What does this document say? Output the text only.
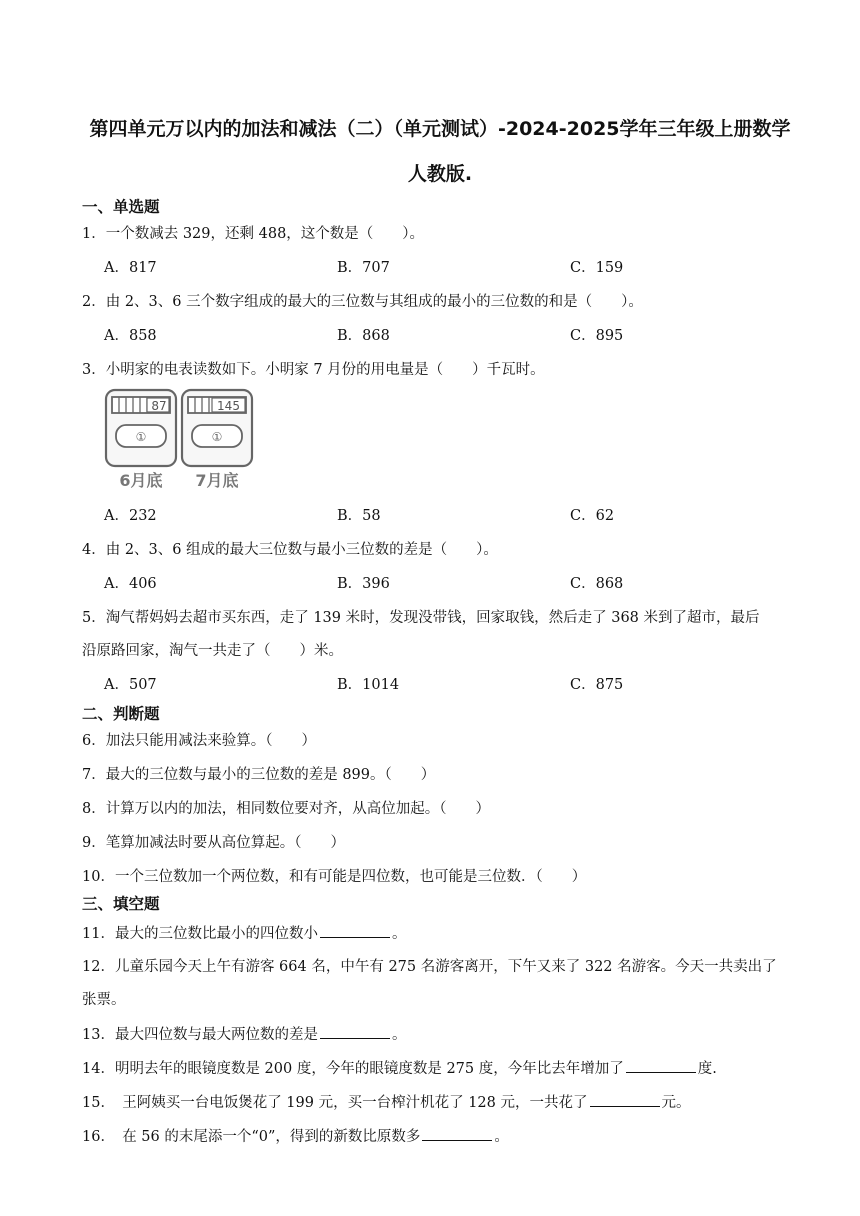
第四单元万以内的加法和减法（二）（单元测试）-2024-2025学年三年级上册数学
人教版.
一、单选题
1．一个数减去 329，还剩 488，这个数是（　　）。
A．817	B．707	C．159
2．由 2、3、6 三个数字组成的最大的三位数与其组成的最小的三位数的和是（　　）。
A．858	B．868	C．895
3．小明家的电表读数如下。小明家 7 月份的用电量是（　　）千瓦时。
87
①
6月底
145
①
7月底
A．232	B．58	C．62
4．由 2、3、6 组成的最大三位数与最小三位数的差是（　　）。
A．406	B．396	C．868
5．淘气帮妈妈去超市买东西，走了 139 米时，发现没带钱，回家取钱，然后走了 368 米到了超市，最后
沿原路回家，淘气一共走了（　　）米。
A．507	B．1014	C．875
二、判断题
6．加法只能用减法来验算。（　　）
7．最大的三位数与最小的三位数的差是 899。（　　）
8．计算万以内的加法，相同数位要对齐，从高位加起。（　　）
9．笔算加减法时要从高位算起。（　　）
10．一个三位数加一个两位数，和有可能是四位数，也可能是三位数．（　　）
三、填空题
11．最大的三位数比最小的四位数小	。
12．儿童乐园今天上午有游客 664 名，中午有 275 名游客离开，下午又来了 322 名游客。今天一共卖出了
张票。
13．最大四位数与最大两位数的差是	。
14．明明去年的眼镜度数是 200 度，今年的眼镜度数是 275 度，今年比去年增加了	度.
15．　王阿姨买一台电饭煲花了 199 元，买一台榨汁机花了 128 元，一共花了	元。
16．　在 56 的末尾添一个“0”，得到的新数比原数多	。
